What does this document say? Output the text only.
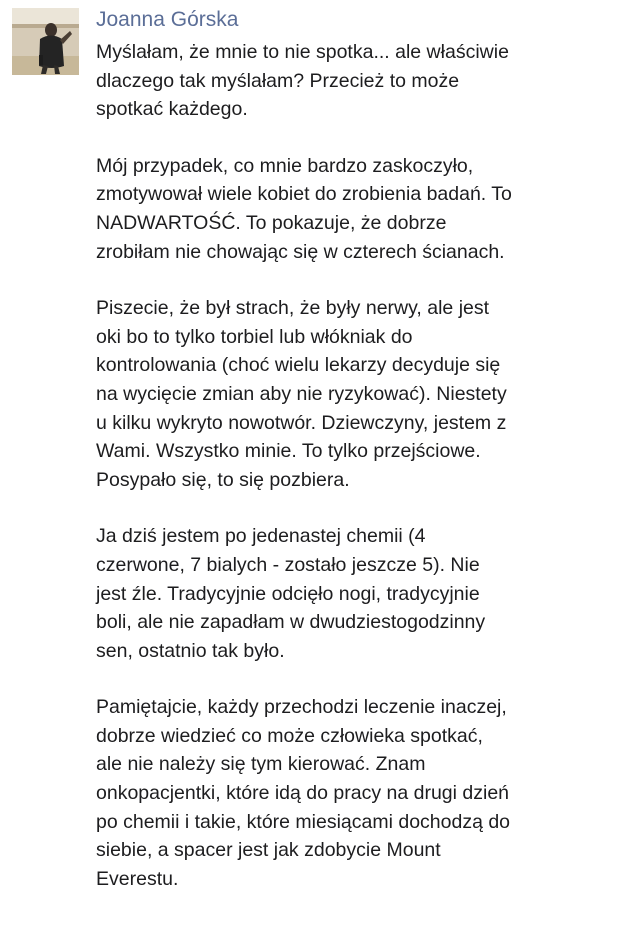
Joanna Górska

Myślałam, że mnie to nie spotka... ale właściwie
dlaczego tak myślałam? Przecież to może
spotkać każdego.

Mój przypadek, co mnie bardzo zaskoczyło,
zmotywował wiele kobiet do zrobienia badań. To
NADWARTOŚĆ. To pokazuje, że dobrze
zrobiłam nie chowając się w czterech ścianach.

Piszecie, że był strach, że były nerwy, ale jest
oki bo to tylko torbiel lub włókniak do
kontrolowania (choć wielu lekarzy decyduje się
na wycięcie zmian aby nie ryzykować). Niestety
u kilku wykryto nowotwór. Dziewczyny, jestem z
Wami. Wszystko minie. To tylko przejściowe.
Posypało się, to się pozbiera.

Ja dziś jestem po jedenastej chemii (4
czerwone, 7 bialych - zostało jeszcze 5). Nie
jest źle. Tradycyjnie odcięło nogi, tradycyjnie
boli, ale nie zapadłam w dwudziestogodzinny
sen, ostatnio tak było.

Pamiętajcie, każdy przechodzi leczenie inaczej,
dobrze wiedzieć co może człowieka spotkać,
ale nie należy się tym kierować. Znam
onkopacjentki, które idą do pracy na drugi dzień
po chemii i takie, które miesiącami dochodzą do
siebie, a spacer jest jak zdobycie Mount
Everestu.
